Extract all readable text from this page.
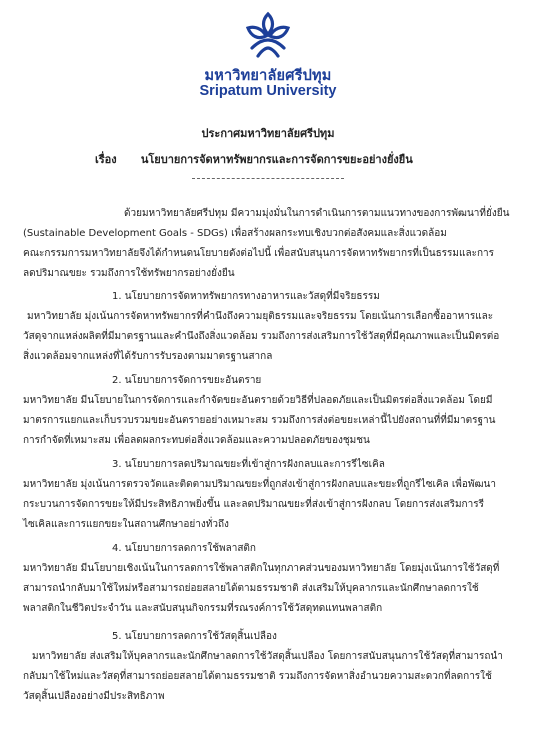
มหาวิทยาลัยศรีปทุม
Sripatum University
ประกาศมหาวิทยาลัยศรีปทุม
เรื่อง นโยบายการจัดหาทรัพยากรและการจัดการขยะอย่างยั่งยืน
ด้วยมหาวิทยาลัยศรีปทุม มีความมุ่งมั่นในการดำเนินการตามแนวทางของการพัฒนาที่ยั่งยืน
(Sustainable Development Goals - SDGs) เพื่อสร้างผลกระทบเชิงบวกต่อสังคมและสิ่งแวดล้อม
คณะกรรมการมหาวิทยาลัยจึงได้กำหนดนโยบายดังต่อไปนี้ เพื่อสนับสนุนการจัดหาทรัพยากรที่เป็นธรรมและการ
ลดปริมาณขยะ รวมถึงการใช้ทรัพยากรอย่างยั่งยืน
1. นโยบายการจัดหาทรัพยากรทางอาหารและวัสดุที่มีจริยธรรม
มหาวิทยาลัย มุ่งเน้นการจัดหาทรัพยากรที่คำนึงถึงความยุติธรรมและจริยธรรม โดยเน้นการเลือกซื้ออาหารและ
วัสดุจากแหล่งผลิตที่มีมาตรฐานและคำนึงถึงสิ่งแวดล้อม รวมถึงการส่งเสริมการใช้วัสดุที่มีคุณภาพและเป็นมิตรต่อ
สิ่งแวดล้อมจากแหล่งที่ได้รับการรับรองตามมาตรฐานสากล
2. นโยบายการจัดการขยะอันตราย
มหาวิทยาลัย มีนโยบายในการจัดการและกำจัดขยะอันตรายด้วยวิธีที่ปลอดภัยและเป็นมิตรต่อสิ่งแวดล้อม โดยมี
มาตรการแยกและเก็บรวบรวมขยะอันตรายอย่างเหมาะสม รวมถึงการส่งต่อขยะเหล่านี้ไปยังสถานที่ที่มีมาตรฐาน
การกำจัดที่เหมาะสม เพื่อลดผลกระทบต่อสิ่งแวดล้อมและความปลอดภัยของชุมชน
3. นโยบายการลดปริมาณขยะที่เข้าสู่การฝังกลบและการรีไซเคิล
มหาวิทยาลัย มุ่งเน้นการตรวจวัดและติดตามปริมาณขยะที่ถูกส่งเข้าสู่การฝังกลบและขยะที่ถูกรีไซเคิล เพื่อพัฒนา
กระบวนการจัดการขยะให้มีประสิทธิภาพยิ่งขึ้น และลดปริมาณขยะที่ส่งเข้าสู่การฝังกลบ โดยการส่งเสริมการรี
ไซเคิลและการแยกขยะในสถานศึกษาอย่างทั่วถึง
4. นโยบายการลดการใช้พลาสติก
มหาวิทยาลัย มีนโยบายเชิงเน้นในการลดการใช้พลาสติกในทุกภาคส่วนของมหาวิทยาลัย โดยมุ่งเน้นการใช้วัสดุที่
สามารถนำกลับมาใช้ใหม่หรือสามารถย่อยสลายได้ตามธรรมชาติ ส่งเสริมให้บุคลากรและนักศึกษาลดการใช้
พลาสติกในชีวิตประจำวัน และสนับสนุนกิจกรรมที่รณรงค์การใช้วัสดุทดแทนพลาสติก
5. นโยบายการลดการใช้วัสดุสิ้นเปลือง
มหาวิทยาลัย ส่งเสริมให้บุคลากรและนักศึกษาลดการใช้วัสดุสิ้นเปลือง โดยการสนับสนุนการใช้วัสดุที่สามารถนำ
กลับมาใช้ใหม่และวัสดุที่สามารถย่อยสลายได้ตามธรรมชาติ รวมถึงการจัดหาสิ่งอำนวยความสะดวกที่ลดการใช้
วัสดุสิ้นเปลืองอย่างมีประสิทธิภาพ
